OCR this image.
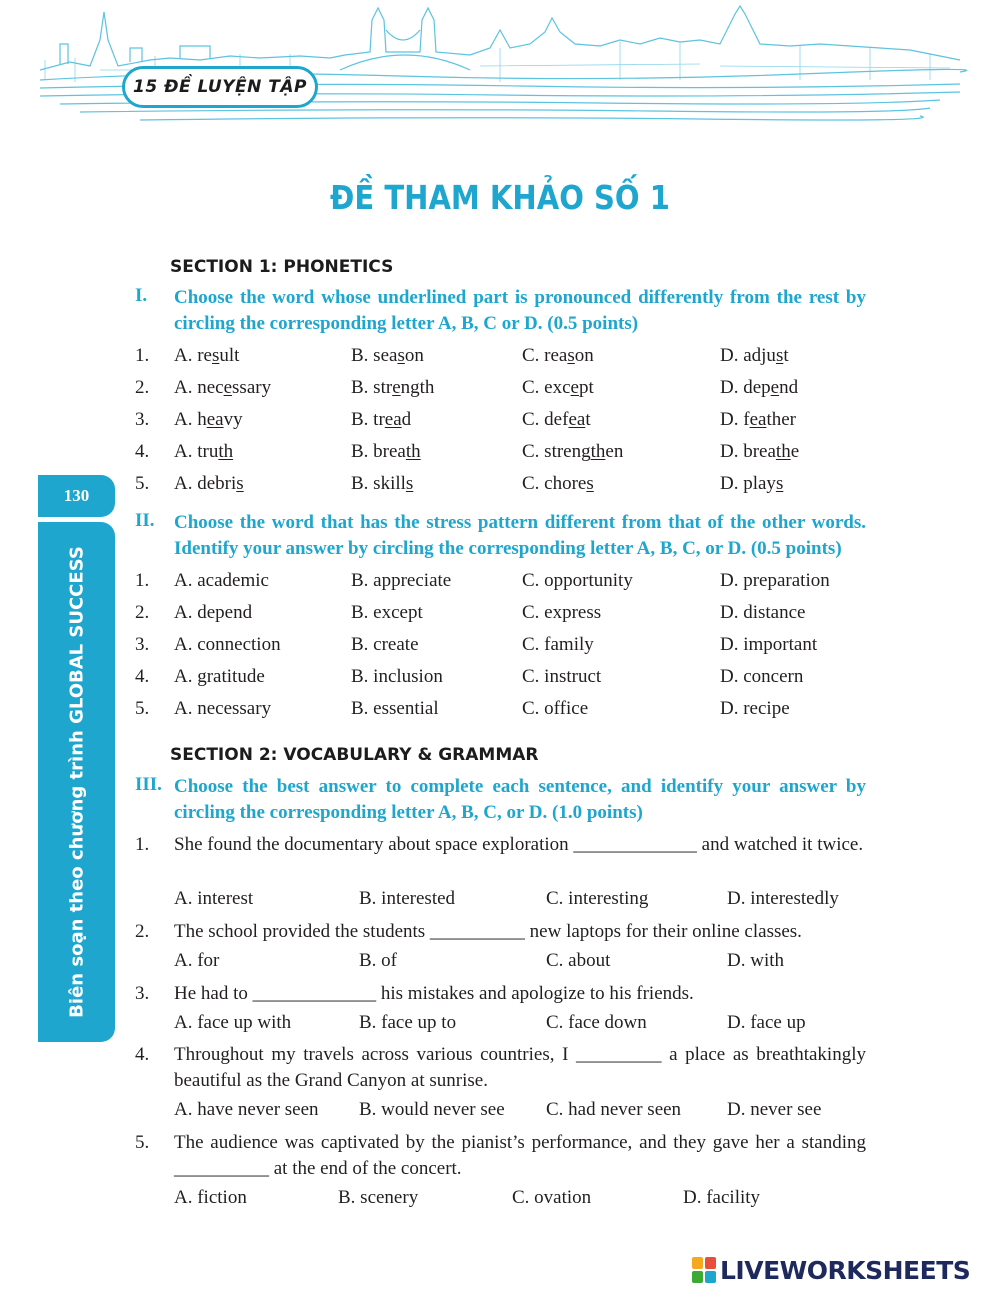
15 ĐỀ LUYỆN TẬP
ĐỀ THAM KHẢO SỐ 1
130
Biên soạn theo chương trình GLOBAL SUCCESS
SECTION 1: PHONETICS
I. Choose the word whose underlined part is pronounced differently from the rest by circling the corresponding letter A, B, C or D. (0.5 points)
1. A. result	B. season	C. reason	D. adjust
2. A. necessary	B. strength	C. except	D. depend
3. A. heavy	B. tread	C. defeat	D. feather
4. A. truth	B. breath	C. strengthen	D. breathe
5. A. debris	B. skills	C. chores	D. plays
II. Choose the word that has the stress pattern different from that of the other words. Identify your answer by circling the corresponding letter A, B, C, or D. (0.5 points)
1. A. academic	B. appreciate	C. opportunity	D. preparation
2. A. depend	B. except	C. express	D. distance
3. A. connection	B. create	C. family	D. important
4. A. gratitude	B. inclusion	C. instruct	D. concern
5. A. necessary	B. essential	C. office	D. recipe
SECTION 2: VOCABULARY & GRAMMAR
III. Choose the best answer to complete each sentence, and identify your answer by circling the corresponding letter A, B, C, or D. (1.0 points)
1. She found the documentary about space exploration _____________ and watched it twice.
A. interest	B. interested	C. interesting	D. interestedly
2. The school provided the students __________ new laptops for their online classes.
A. for	B. of	C. about	D. with
3. He had to _____________ his mistakes and apologize to his friends.
A. face up with	B. face up to	C. face down	D. face up
4. Throughout my travels across various countries, I _________ a place as breathtakingly beautiful as the Grand Canyon at sunrise.
A. have never seen B. would never see C. had never seen D. never see
5. The audience was captivated by the pianist’s performance, and they gave her a standing __________ at the end of the concert.
A. fiction	B. scenery	C. ovation	D. facility
LIVEWORKSHEETS
